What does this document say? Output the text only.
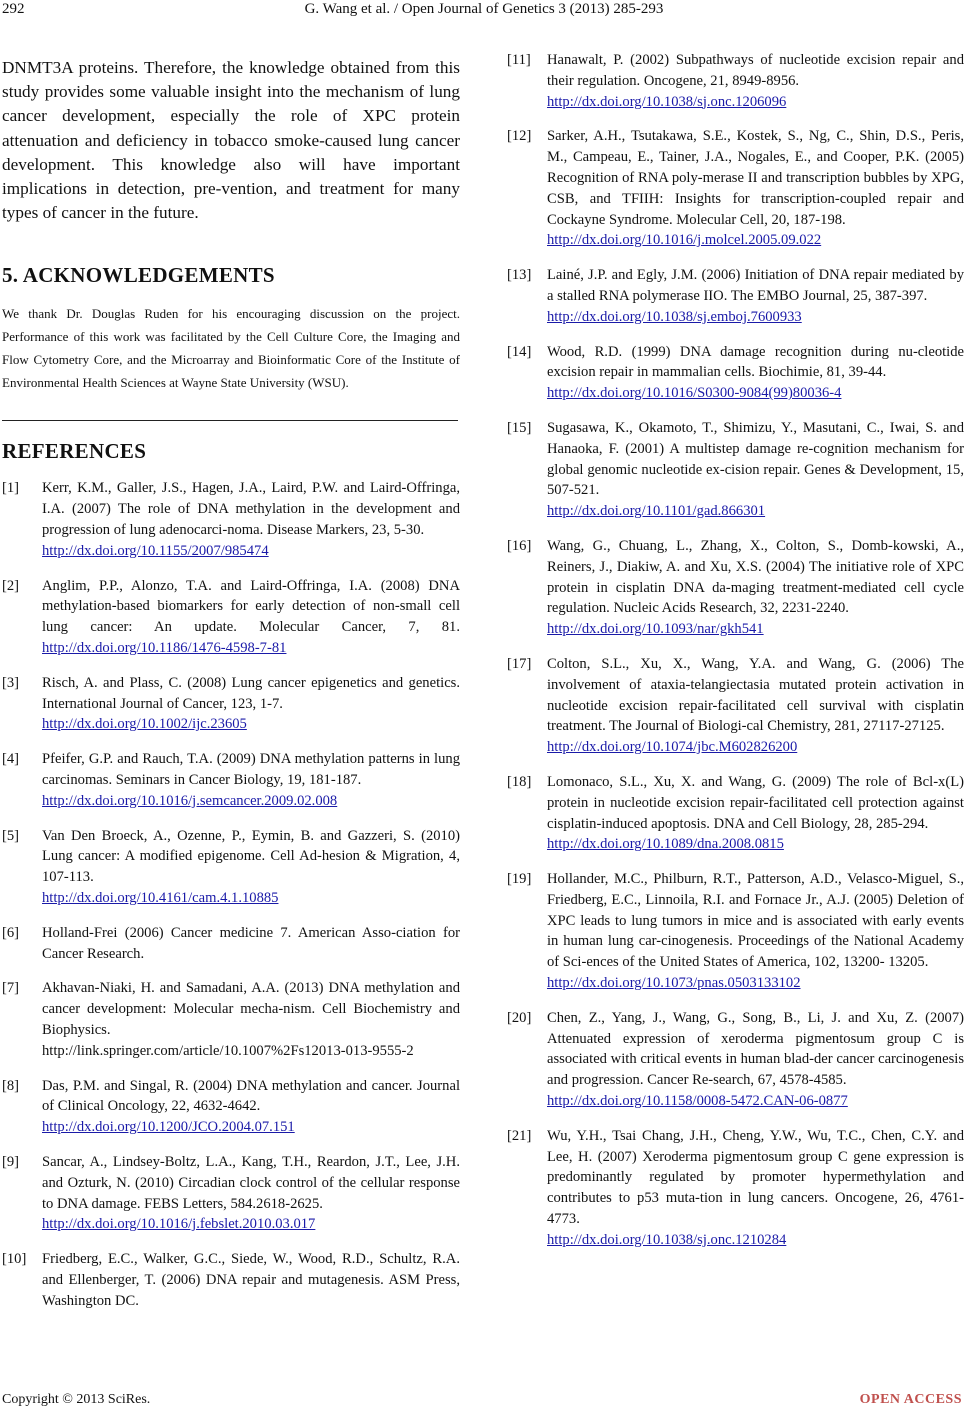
292	G. Wang et al. / Open Journal of Genetics 3 (2013) 285-293

DNMT3A proteins. Therefore, the knowledge obtained from this study provides some valuable insight into the mechanism of lung cancer development, especially the role of XPC protein attenuation and deficiency in tobacco smoke-caused lung cancer development. This knowledge also will have important implications in detection, pre-vention, and treatment for many types of cancer in the future.

5. ACKNOWLEDGEMENTS

We thank Dr. Douglas Ruden for his encouraging discussion on the project. Performance of this work was facilitated by the Cell Culture Core, the Imaging and Flow Cytometry Core, and the Microarray and Bioinformatic Core of the Institute of Environmental Health Sciences at Wayne State University (WSU).

REFERENCES
[1] Kerr, K.M., Galler, J.S., Hagen, J.A., Laird, P.W. and Laird-Offringa, I.A. (2007) The role of DNA methylation in the development and progression of lung adenocarci-noma. Disease Markers, 23, 5-30.
http://dx.doi.org/10.1155/2007/985474
[2] Anglim, P.P., Alonzo, T.A. and Laird-Offringa, I.A. (2008) DNA methylation-based biomarkers for early detection of non-small cell lung cancer: An update. Molecular Cancer, 7, 81. http://dx.doi.org/10.1186/1476-4598-7-81
[3] Risch, A. and Plass, C. (2008) Lung cancer epigenetics and genetics. International Journal of Cancer, 123, 1-7.
http://dx.doi.org/10.1002/ijc.23605
[4] Pfeifer, G.P. and Rauch, T.A. (2009) DNA methylation patterns in lung carcinomas. Seminars in Cancer Biology, 19, 181-187.
http://dx.doi.org/10.1016/j.semcancer.2009.02.008
[5] Van Den Broeck, A., Ozenne, P., Eymin, B. and Gazzeri, S. (2010) Lung cancer: A modified epigenome. Cell Ad-hesion & Migration, 4, 107-113.
http://dx.doi.org/10.4161/cam.4.1.10885
[6] Holland-Frei (2006) Cancer medicine 7. American Asso-ciation for Cancer Research.
[7] Akhavan-Niaki, H. and Samadani, A.A. (2013) DNA methylation and cancer development: Molecular mecha-nism. Cell Biochemistry and Biophysics.
http://link.springer.com/article/10.1007%2Fs12013-013-9555-2
[8] Das, P.M. and Singal, R. (2004) DNA methylation and cancer. Journal of Clinical Oncology, 22, 4632-4642.
http://dx.doi.org/10.1200/JCO.2004.07.151
[9] Sancar, A., Lindsey-Boltz, L.A., Kang, T.H., Reardon, J.T., Lee, J.H. and Ozturk, N. (2010) Circadian clock control of the cellular response to DNA damage. FEBS Letters, 584.2618-2625.
http://dx.doi.org/10.1016/j.febslet.2010.03.017
[10] Friedberg, E.C., Walker, G.C., Siede, W., Wood, R.D., Schultz, R.A. and Ellenberger, T. (2006) DNA repair and mutagenesis. ASM Press, Washington DC.
[11] Hanawalt, P. (2002) Subpathways of nucleotide excision repair and their regulation. Oncogene, 21, 8949-8956.
http://dx.doi.org/10.1038/sj.onc.1206096
[12] Sarker, A.H., Tsutakawa, S.E., Kostek, S., Ng, C., Shin, D.S., Peris, M., Campeau, E., Tainer, J.A., Nogales, E., and Cooper, P.K. (2005) Recognition of RNA poly-merase II and transcription bubbles by XPG, CSB, and TFIIH: Insights for transcription-coupled repair and Cockayne Syndrome. Molecular Cell, 20, 187-198.
http://dx.doi.org/10.1016/j.molcel.2005.09.022
[13] Lainé, J.P. and Egly, J.M. (2006) Initiation of DNA repair mediated by a stalled RNA polymerase IIO. The EMBO Journal, 25, 387-397.
http://dx.doi.org/10.1038/sj.emboj.7600933
[14] Wood, R.D. (1999) DNA damage recognition during nu-cleotide excision repair in mammalian cells. Biochimie, 81, 39-44.
http://dx.doi.org/10.1016/S0300-9084(99)80036-4
[15] Sugasawa, K., Okamoto, T., Shimizu, Y., Masutani, C., Iwai, S. and Hanaoka, F. (2001) A multistep damage re-cognition mechanism for global genomic nucleotide ex-cision repair. Genes & Development, 15, 507-521.
http://dx.doi.org/10.1101/gad.866301
[16] Wang, G., Chuang, L., Zhang, X., Colton, S., Domb-kowski, A., Reiners, J., Diakiw, A. and Xu, X.S. (2004) The initiative role of XPC protein in cisplatin DNA da-maging treatment-mediated cell cycle regulation. Nucleic Acids Research, 32, 2231-2240.
http://dx.doi.org/10.1093/nar/gkh541
[17] Colton, S.L., Xu, X., Wang, Y.A. and Wang, G. (2006) The involvement of ataxia-telangiectasia mutated protein activation in nucleotide excision repair-facilitated cell survival with cisplatin treatment. The Journal of Biologi-cal Chemistry, 281, 27117-27125.
http://dx.doi.org/10.1074/jbc.M602826200
[18] Lomonaco, S.L., Xu, X. and Wang, G. (2009) The role of Bcl-x(L) protein in nucleotide excision repair-facilitated cell protection against cisplatin-induced apoptosis. DNA and Cell Biology, 28, 285-294.
http://dx.doi.org/10.1089/dna.2008.0815
[19] Hollander, M.C., Philburn, R.T., Patterson, A.D., Velasco-Miguel, S., Friedberg, E.C., Linnoila, R.I. and Fornace Jr., A.J. (2005) Deletion of XPC leads to lung tumors in mice and is associated with early events in human lung car-cinogenesis. Proceedings of the National Academy of Sci-ences of the United States of America, 102, 13200- 13205.
http://dx.doi.org/10.1073/pnas.0503133102
[20] Chen, Z., Yang, J., Wang, G., Song, B., Li, J. and Xu, Z. (2007) Attenuated expression of xeroderma pigmentosum group C is associated with critical events in human blad-der cancer carcinogenesis and progression. Cancer Re-search, 67, 4578-4585.
http://dx.doi.org/10.1158/0008-5472.CAN-06-0877
[21] Wu, Y.H., Tsai Chang, J.H., Cheng, Y.W., Wu, T.C., Chen, C.Y. and Lee, H. (2007) Xeroderma pigmentosum group C gene expression is predominantly regulated by promoter hypermethylation and contributes to p53 muta-tion in lung cancers. Oncogene, 26, 4761-4773.
http://dx.doi.org/10.1038/sj.onc.1210284
Copyright © 2013 SciRes.	OPEN ACCESS
